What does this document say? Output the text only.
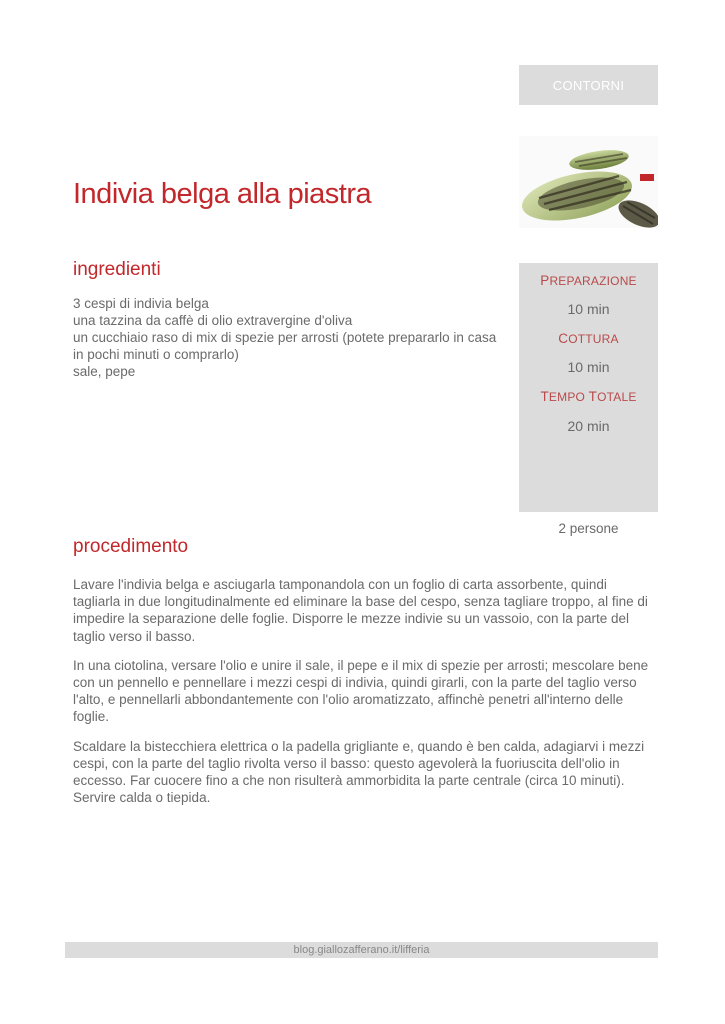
CONTORNI
Indivia belga alla piastra
ingredienti
3 cespi di indivia belga
una tazzina da caffè di olio extravergine d'oliva
un cucchiaio raso di mix di spezie per arrosti (potete prepararlo in casa in pochi minuti o comprarlo)
sale, pepe
PREPARAZIONE
10 min
COTTURA
10 min
TEMPO TOTALE
20 min
2 persone
procedimento

Lavare l'indivia belga e asciugarla tamponandola con un foglio di carta assorbente, quindi tagliarla in due longitudinalmente ed eliminare la base del cespo, senza tagliare troppo, al fine di impedire la separazione delle foglie. Disporre le mezze indivie su un vassoio, con la parte del taglio verso il basso.

In una ciotolina, versare l'olio e unire il sale, il pepe e il mix di spezie per arrosti; mescolare bene con un pennello e pennellare i mezzi cespi di indivia, quindi girarli, con la parte del taglio verso l'alto, e pennellarli abbondantemente con l'olio aromatizzato, affinchè penetri all'interno delle foglie.

Scaldare la bistecchiera elettrica o la padella grigliante e, quando è ben calda, adagiarvi i mezzi cespi, con la parte del taglio rivolta verso il basso: questo agevolerà la fuoriuscita dell'olio in eccesso. Far cuocere fino a che non risulterà ammorbidita la parte centrale (circa 10 minuti). Servire calda o tiepida.

blog.giallozafferano.it/lifferia
